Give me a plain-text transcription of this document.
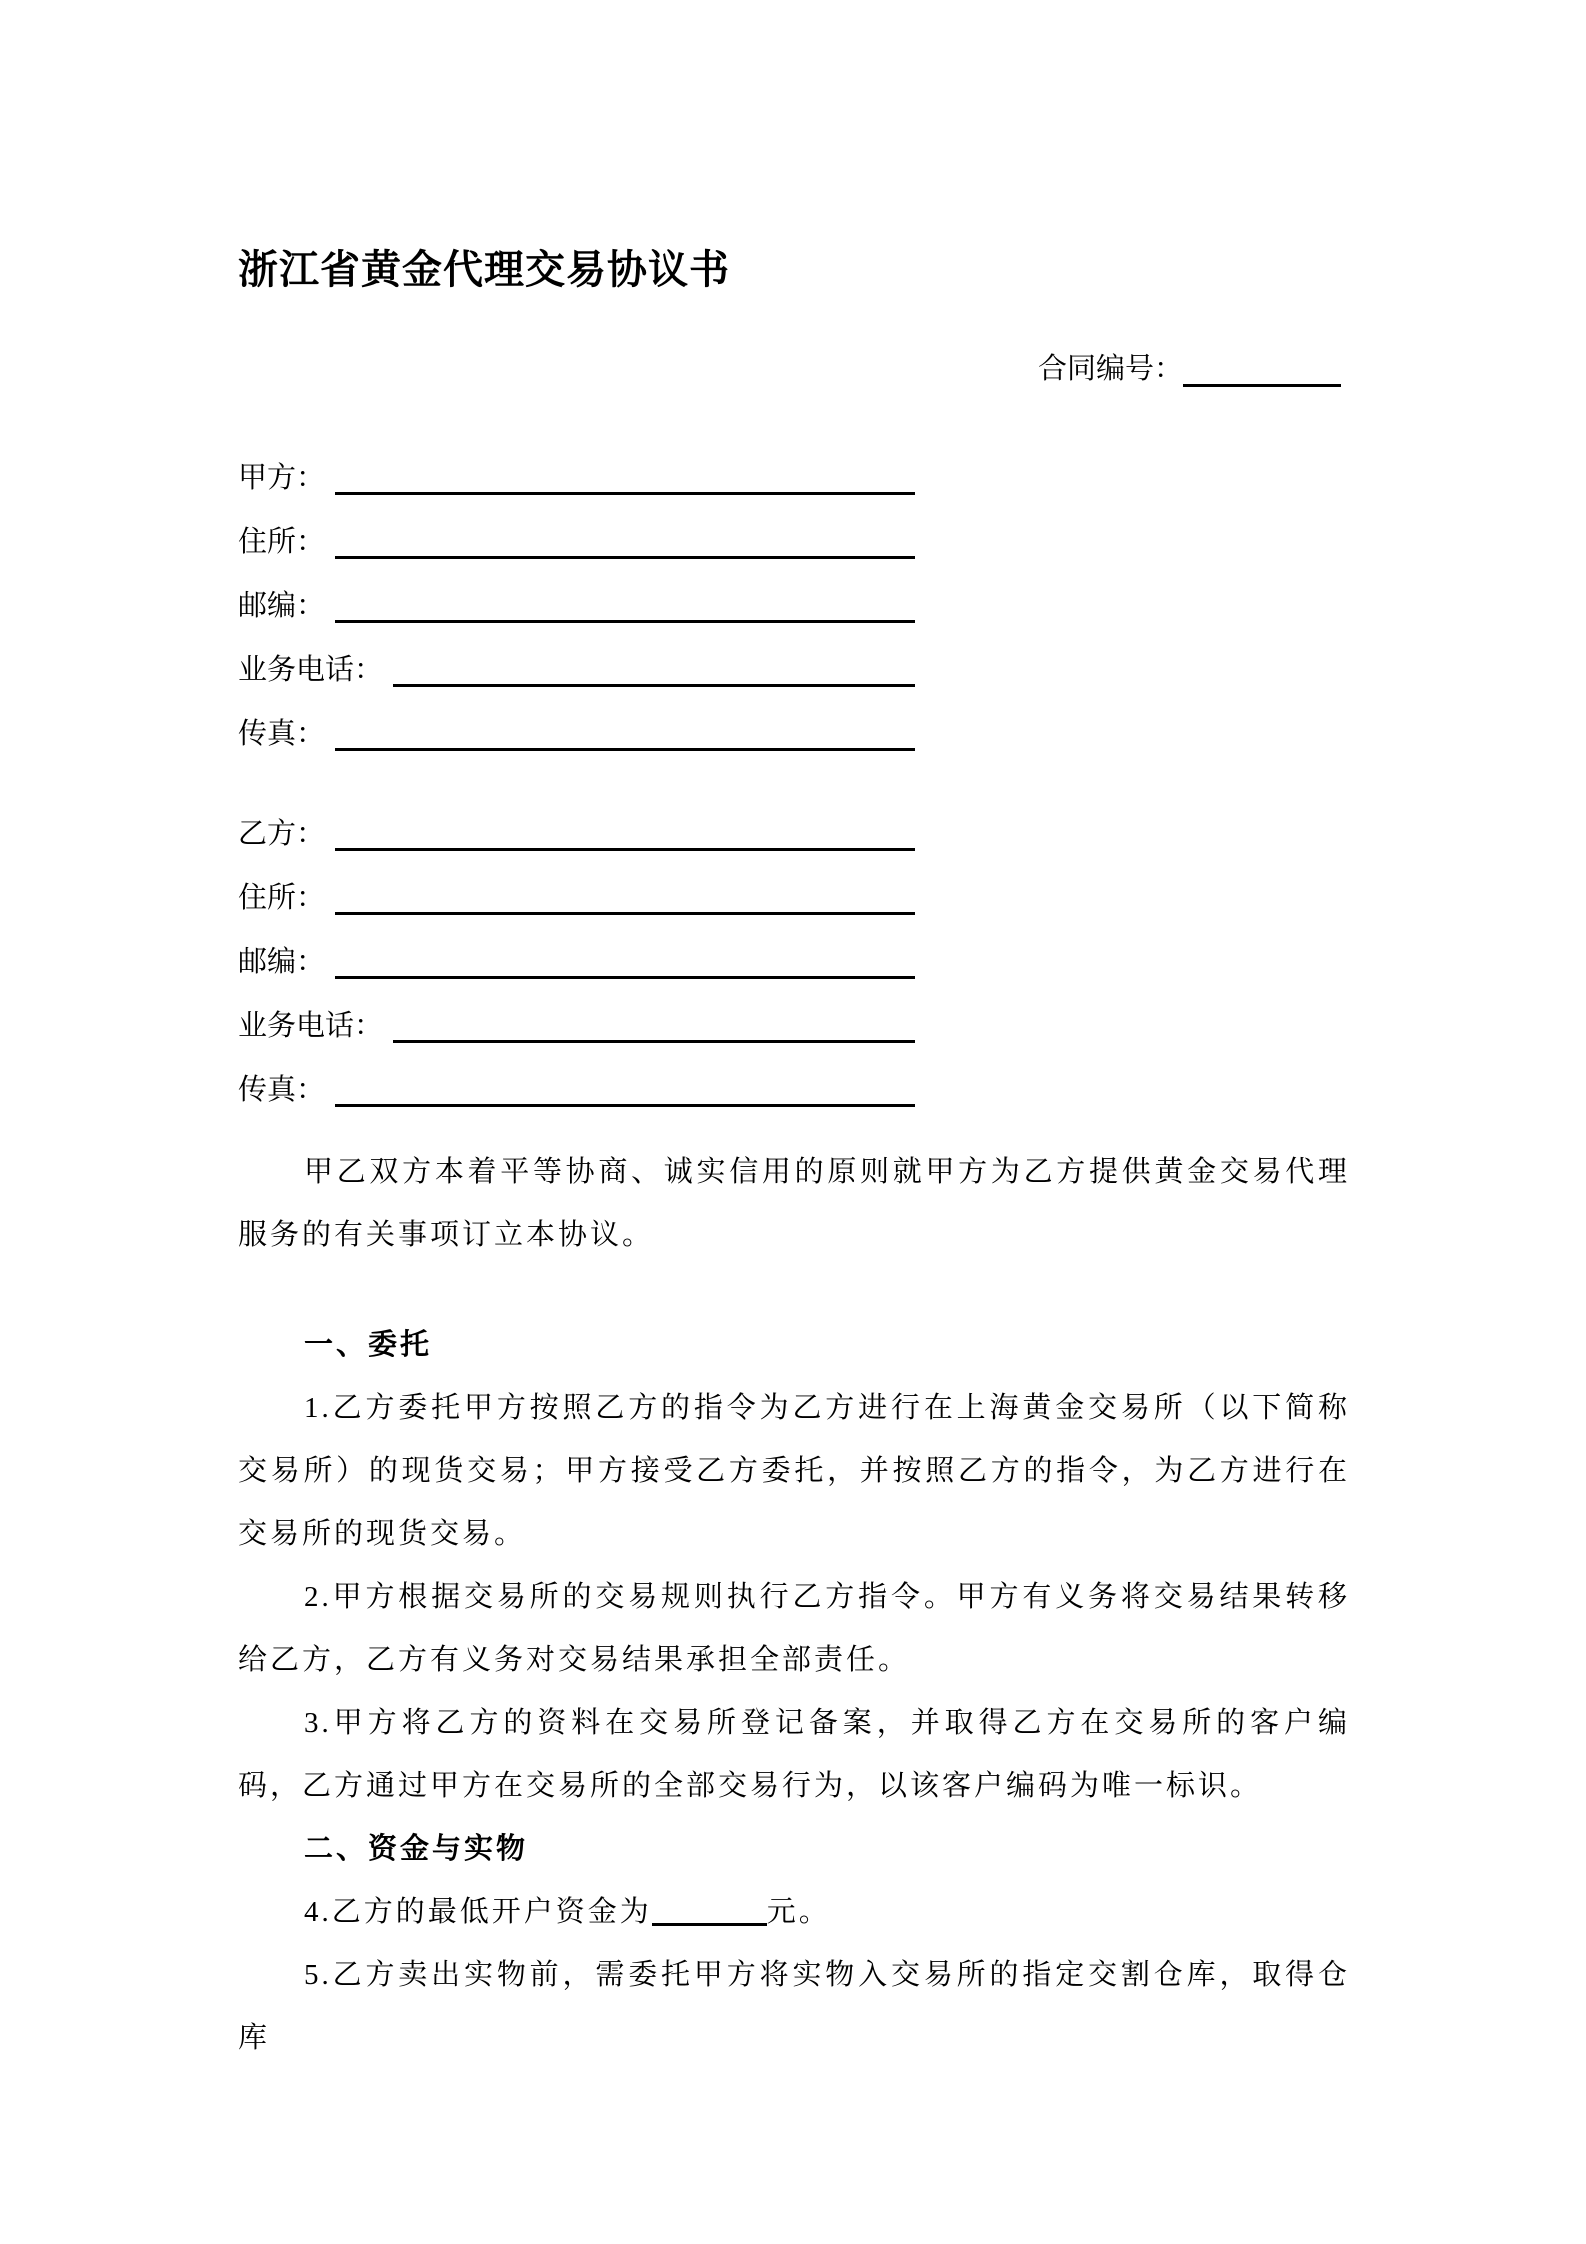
浙江省黄金代理交易协议书
合同编号：
甲方：
住所：
邮编：
业务电话：
传真：
乙方：
住所：
邮编：
业务电话：
传真：

甲乙双方本着平等协商、诚实信用的原则就甲方为乙方提供黄金交易代理服务的有关事项订立本协议。

一、委托

1.乙方委托甲方按照乙方的指令为乙方进行在上海黄金交易所（以下简称交易所）的现货交易；甲方接受乙方委托，并按照乙方的指令，为乙方进行在交易所的现货交易。

2.甲方根据交易所的交易规则执行乙方指令。甲方有义务将交易结果转移给乙方，乙方有义务对交易结果承担全部责任。

3.甲方将乙方的资料在交易所登记备案，并取得乙方在交易所的客户编码，乙方通过甲方在交易所的全部交易行为，以该客户编码为唯一标识。

二、资金与实物

4.乙方的最低开户资金为	元。

5.乙方卖出实物前，需委托甲方将实物入交易所的指定交割仓库，取得仓库
